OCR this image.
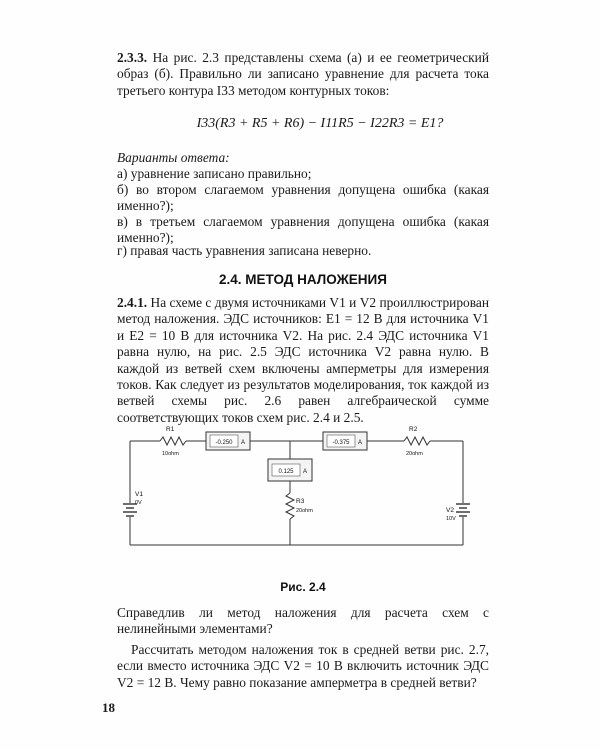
2.3.3. На рис. 2.3 представлены схема (а) и ее геометрический образ (б). Правильно ли записано уравнение для расчета тока третьего контура I33 методом контурных токов:
I33(R3 + R5 + R6) − I11R5 − I22R3 = E1?
Варианты ответа:
а) уравнение записано правильно;
б) во втором слагаемом уравнения допущена ошибка (какая именно?);
в) в третьем слагаемом уравнения допущена ошибка (какая именно?);
г) правая часть уравнения записана неверно.
2.4. МЕТОД НАЛОЖЕНИЯ
2.4.1. На схеме с двумя источниками V1 и V2 проиллюстрирован метод наложения. ЭДС источников: E1 = 12 В для источника V1 и E2 = 10 В для источника V2. На рис. 2.4 ЭДС источника V1 равна нулю, на рис. 2.5 ЭДС источника V2 равна нулю. В каждой из ветвей схем включены амперметры для измерения токов. Как следует из результатов моделирования, ток каждой из ветвей схемы рис. 2.6 равен алгебраической сумме соответствующих токов схем рис. 2.4 и 2.5.
-0.250 A	-0.375 A
0.125 A
R1
10ohm
R2
20ohm
R3
20ohm
V1
0V
V2
10V
Рис. 2.4
Справедлив ли метод наложения для расчета схем с нелинейными элементами?
Рассчитать методом наложения ток в средней ветви рис. 2.7, если вместо источника ЭДС V2 = 10 В включить источник ЭДС V2 = 12 В. Чему равно показание амперметра в средней ветви?
18
